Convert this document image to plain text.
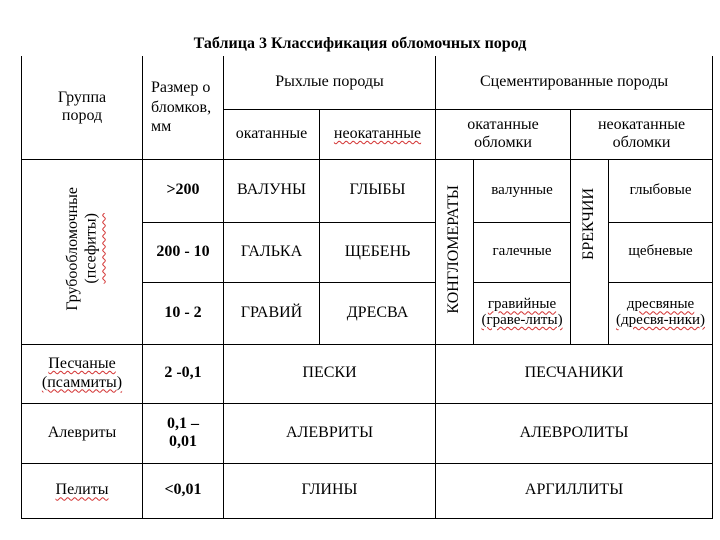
Таблица 3 Классификация обломочных пород
Группа пород	Размер обломков, мм	Рыхлые породы		Сцементированные породы			
		окатанные	неокатанные	окатанные обломки		неокатанные обломки	
Грубообломочные
(псефиты)	>200	ВАЛУНЫ	ГЛЫБЫ	КОНГЛОМЕРАТЫ	валунные	БРЕКЧИИ	глыбовые
	200 - 10	ГАЛЬКА	ЩЕБЕНЬ		галечные		щебневые
	10 - 2	ГРАВИЙ	ДРЕСВА		гравийные (граве-литы)		дресвяные (дресвя-ники)
Песчаные (псаммиты)	2 -0,1	ПЕСКИ		ПЕСЧАНИКИ			
Алевриты	0,1 – 0,01	АЛЕВРИТЫ		АЛЕВРОЛИТЫ			
Пелиты	<0,01	ГЛИНЫ		АРГИЛЛИТЫ			
